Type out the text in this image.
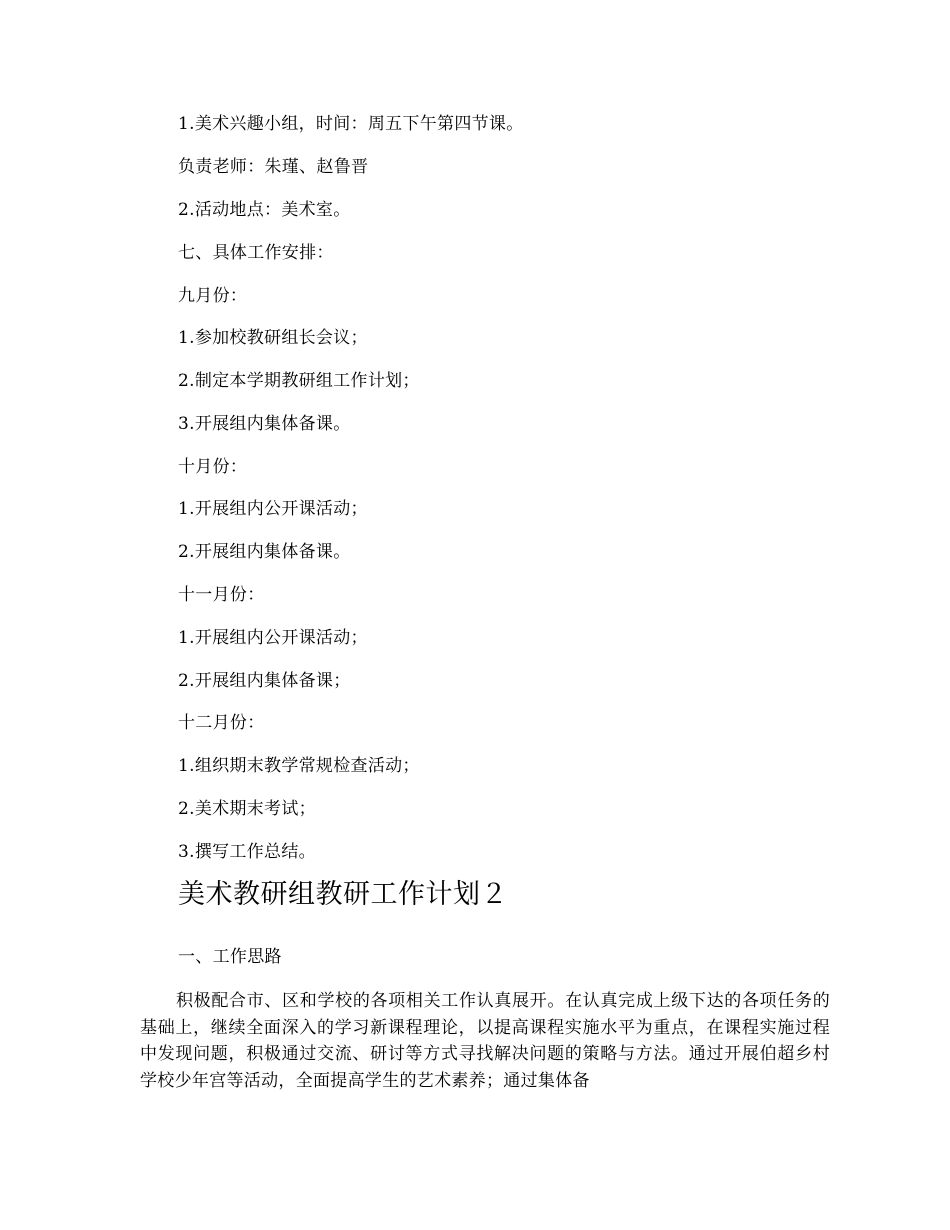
1.美术兴趣小组，时间：周五下午第四节课。
负责老师：朱瑾、赵鲁晋
2.活动地点：美术室。
七、具体工作安排：
九月份：
1.参加校教研组长会议；
2.制定本学期教研组工作计划；
3.开展组内集体备课。
十月份：
1.开展组内公开课活动；
2.开展组内集体备课。
十一月份：
1.开展组内公开课活动；
2.开展组内集体备课；
十二月份：
1.组织期末教学常规检查活动；
2.美术期末考试；
3.撰写工作总结。
美术教研组教研工作计划２
一、工作思路
积极配合市、区和学校的各项相关工作认真展开。在认真完成上级下达的各项任务的基础上，继续全面深入的学习新课程理论，以提高课程实施水平为重点，在课程实施过程中发现问题，积极通过交流、研讨等方式寻找解决问题的策略与方法。通过开展伯超乡村学校少年宫等活动，全面提高学生的艺术素养；通过集体备
